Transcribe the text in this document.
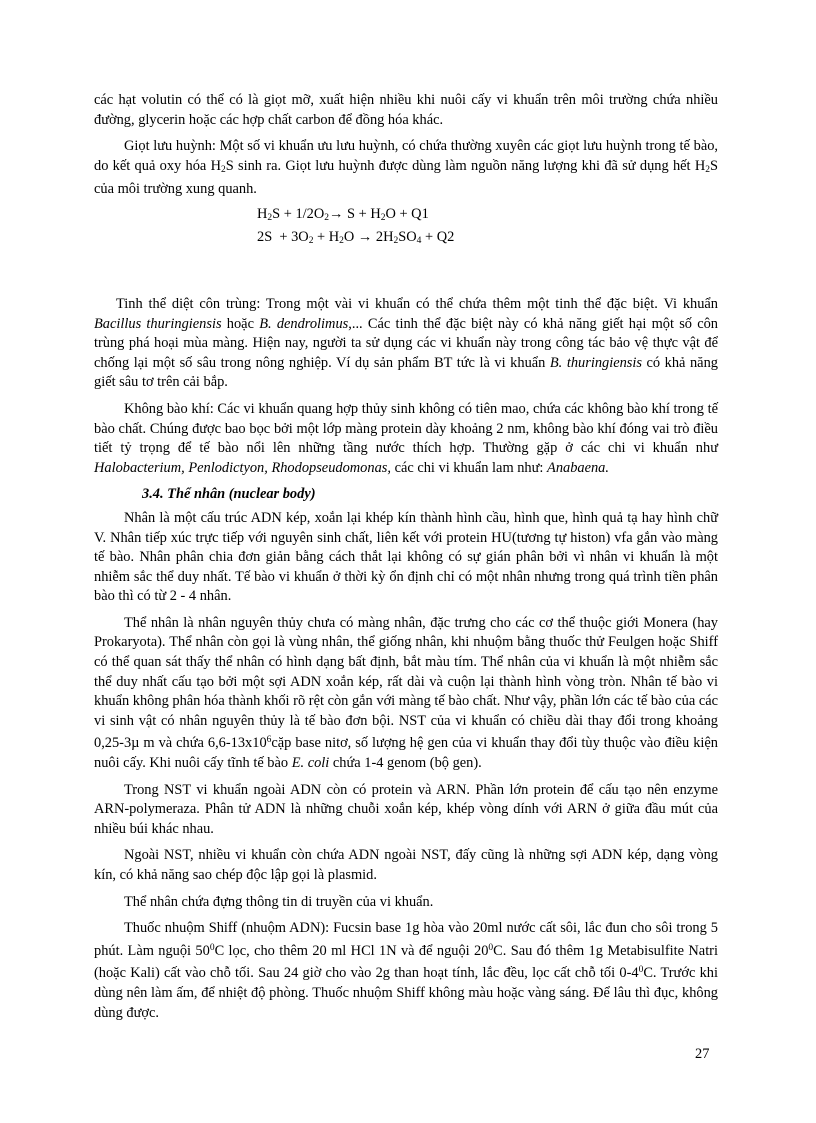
các hạt volutin có thể có là giọt mỡ, xuất hiện nhiều khi nuôi cấy vi khuẩn trên môi trường chứa nhiều đường, glycerin hoặc các hợp chất carbon để đồng hóa khác.

Giọt lưu huỳnh: Một số vi khuẩn ưu lưu huỳnh, có chứa thường xuyên các giọt lưu huỳnh trong tế bào, do kết quả oxy hóa $H_2S$ sinh ra. Giọt lưu huỳnh được dùng làm nguồn năng lượng khi đã sử dụng hết $H_2S$ của môi trường xung quanh.

$H_2S + 1/2O_2\to S + H_2O + Q1$
$2S + 3O_2 + H_2O \to 2H_2SO_4 + Q2$

Tinh thể diệt côn trùng: Trong một vài vi khuẩn có thể chứa thêm một tinh thể đặc biệt. Vi khuẩn Bacillus thuringiensis hoặc B. dendrolimus,... Các tinh thể đặc biệt này có khả năng giết hại một số côn trùng phá hoại mùa màng. Hiện nay, người ta sử dụng các vi khuẩn này trong công tác bảo vệ thực vật để chống lại một số sâu trong nông nghiệp. Ví dụ sản phẩm BT tức là vi khuẩn B. thuringiensis có khả năng giết sâu tơ trên cải bắp.

Không bào khí: Các vi khuẩn quang hợp thủy sinh không có tiên mao, chứa các không bào khí trong tế bào chất. Chúng được bao bọc bởi một lớp màng protein dày khoảng 2 nm, không bào khí đóng vai trò điều tiết tỷ trọng để tế bào nổi lên những tầng nước thích hợp. Thường gặp ở các chi vi khuẩn như Halobacterium, Penlodictyon, Rhodopseudomonas, các chi vi khuẩn lam như: Anabaena.

3.4. Thể nhân (nuclear body)

Nhân là một cấu trúc ADN kép, xoắn lại khép kín thành hình cầu, hình que, hình quả tạ hay hình chữ V. Nhân tiếp xúc trực tiếp với nguyên sinh chất, liên kết với protein HU(tương tự histon) vfa gắn vào màng tế bào. Nhân phân chia đơn giản bằng cách thắt lại không có sự gián phân bởi vì nhân vi khuẩn là một nhiễm sắc thể duy nhất. Tế bào vi khuẩn ở thời kỳ ổn định chỉ có một nhân nhưng trong quá trình tiền phân bào thì có từ 2 - 4 nhân.

Thể nhân là nhân nguyên thủy chưa có màng nhân, đặc trưng cho các cơ thể thuộc giới Monera (hay Prokaryota). Thể nhân còn gọi là vùng nhân, thể giống nhân, khi nhuộm bằng thuốc thử Feulgen hoặc Shiff có thể quan sát thấy thể nhân có hình dạng bất định, bắt màu tím. Thể nhân của vi khuẩn là một nhiễm sắc thể duy nhất cấu tạo bởi một sợi ADN xoắn kép, rất dài và cuộn lại thành hình vòng tròn. Nhân tế bào vi khuẩn không phân hóa thành khối rõ rệt còn gắn với màng tế bào chất. Như vậy, phần lớn các tế bào của các vi sinh vật có nhân nguyên thủy là tế bào đơn bội. NST của vi khuẩn có chiều dài thay đổi trong khoảng 0,25-3µ m và chứa $6,6-13x10^6cặp$ base nitơ, số lượng hệ gen của vi khuẩn thay đổi tùy thuộc vào điều kiện nuôi cấy. Khi nuôi cấy tĩnh tế bào E. coli chứa 1-4 genom (bộ gen).

Trong NST vi khuẩn ngoài ADN còn có protein và ARN. Phần lớn protein để cấu tạo nên enzyme ARN-polymeraza. Phân tử ADN là những chuỗi xoắn kép, khép vòng dính với ARN ở giữa đầu mút của nhiều búi khác nhau.

Ngoài NST, nhiều vi khuẩn còn chứa ADN ngoài NST, đấy cũng là những sợi ADN kép, dạng vòng kín, có khả năng sao chép độc lập gọi là plasmid.

Thể nhân chứa đựng thông tin di truyền của vi khuẩn.

Thuốc nhuộm Shiff (nhuộm ADN): Fucsin base 1g hòa vào 20ml nước cất sôi, lắc đun cho sôi trong 5 phút. Làm nguội $50^0C$ lọc, cho thêm 20 ml HCl 1N và để nguội $20^0C$. Sau đó thêm 1g Metabisulfite Natri (hoặc Kali) cất vào chỗ tối. Sau 24 giờ cho vào 2g than hoạt tính, lắc đều, lọc cất chỗ tối $0-4^0C$. Trước khi dùng nên làm ấm, để nhiệt độ phòng. Thuốc nhuộm Shiff không màu hoặc vàng sáng. Để lâu thì đục, không dùng được.

27
